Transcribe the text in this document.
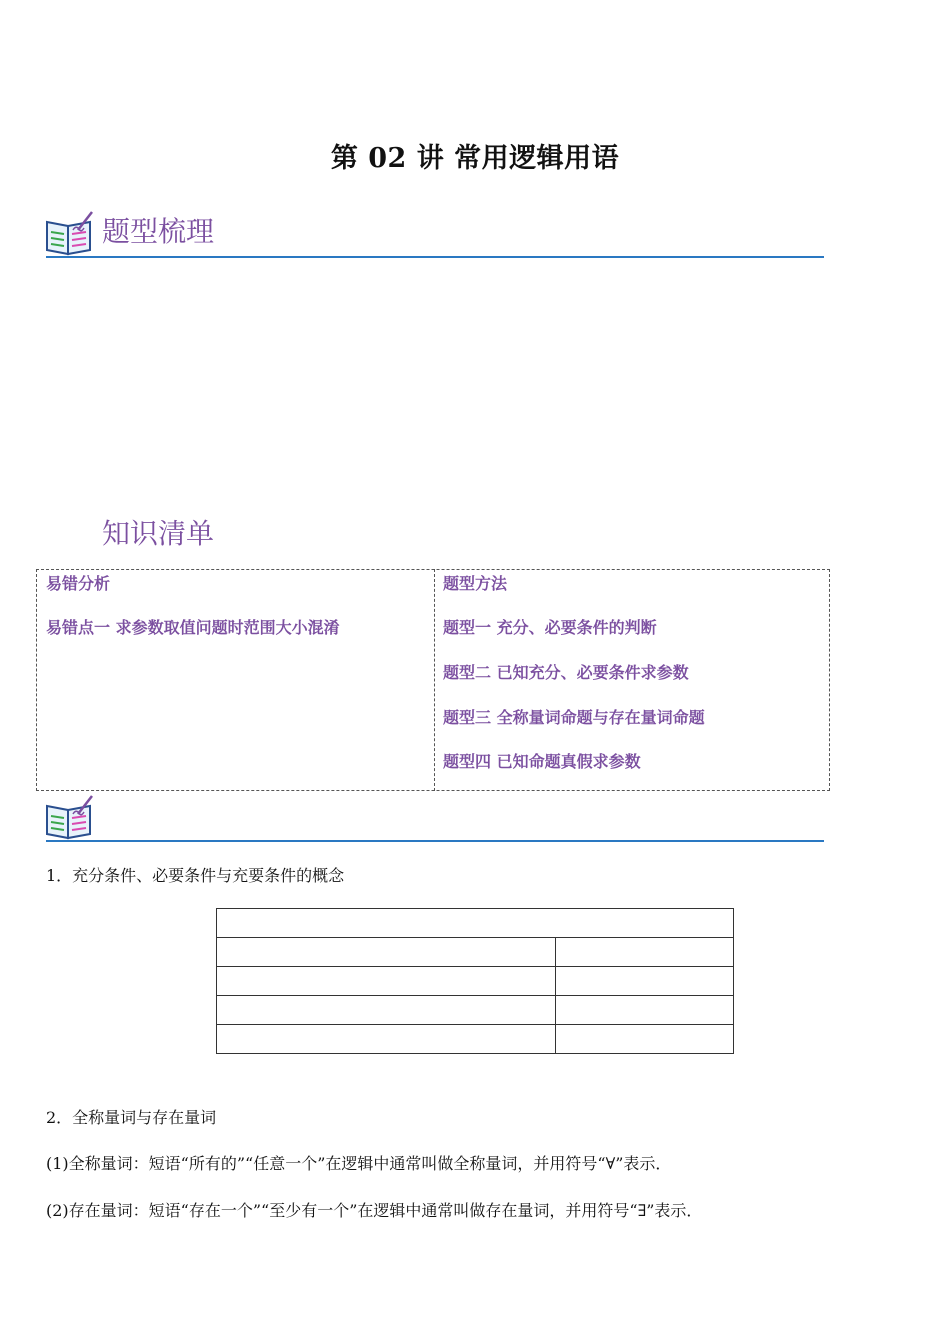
第 02 讲 常用逻辑用语
题型梳理
知识清单
易错分析
易错点一 求参数取值问题时范围大小混淆
题型方法
题型一 充分、必要条件的判断
题型二 已知充分、必要条件求参数
题型三 全称量词命题与存在量词命题
题型四 已知命题真假求参数
1．充分条件、必要条件与充要条件的概念

2．全称量词与存在量词
(1)全称量词：短语“所有的”“任意一个”在逻辑中通常叫做全称量词，并用符号“∀”表示．
(2)存在量词：短语“存在一个”“至少有一个”在逻辑中通常叫做存在量词，并用符号“∃”表示．
